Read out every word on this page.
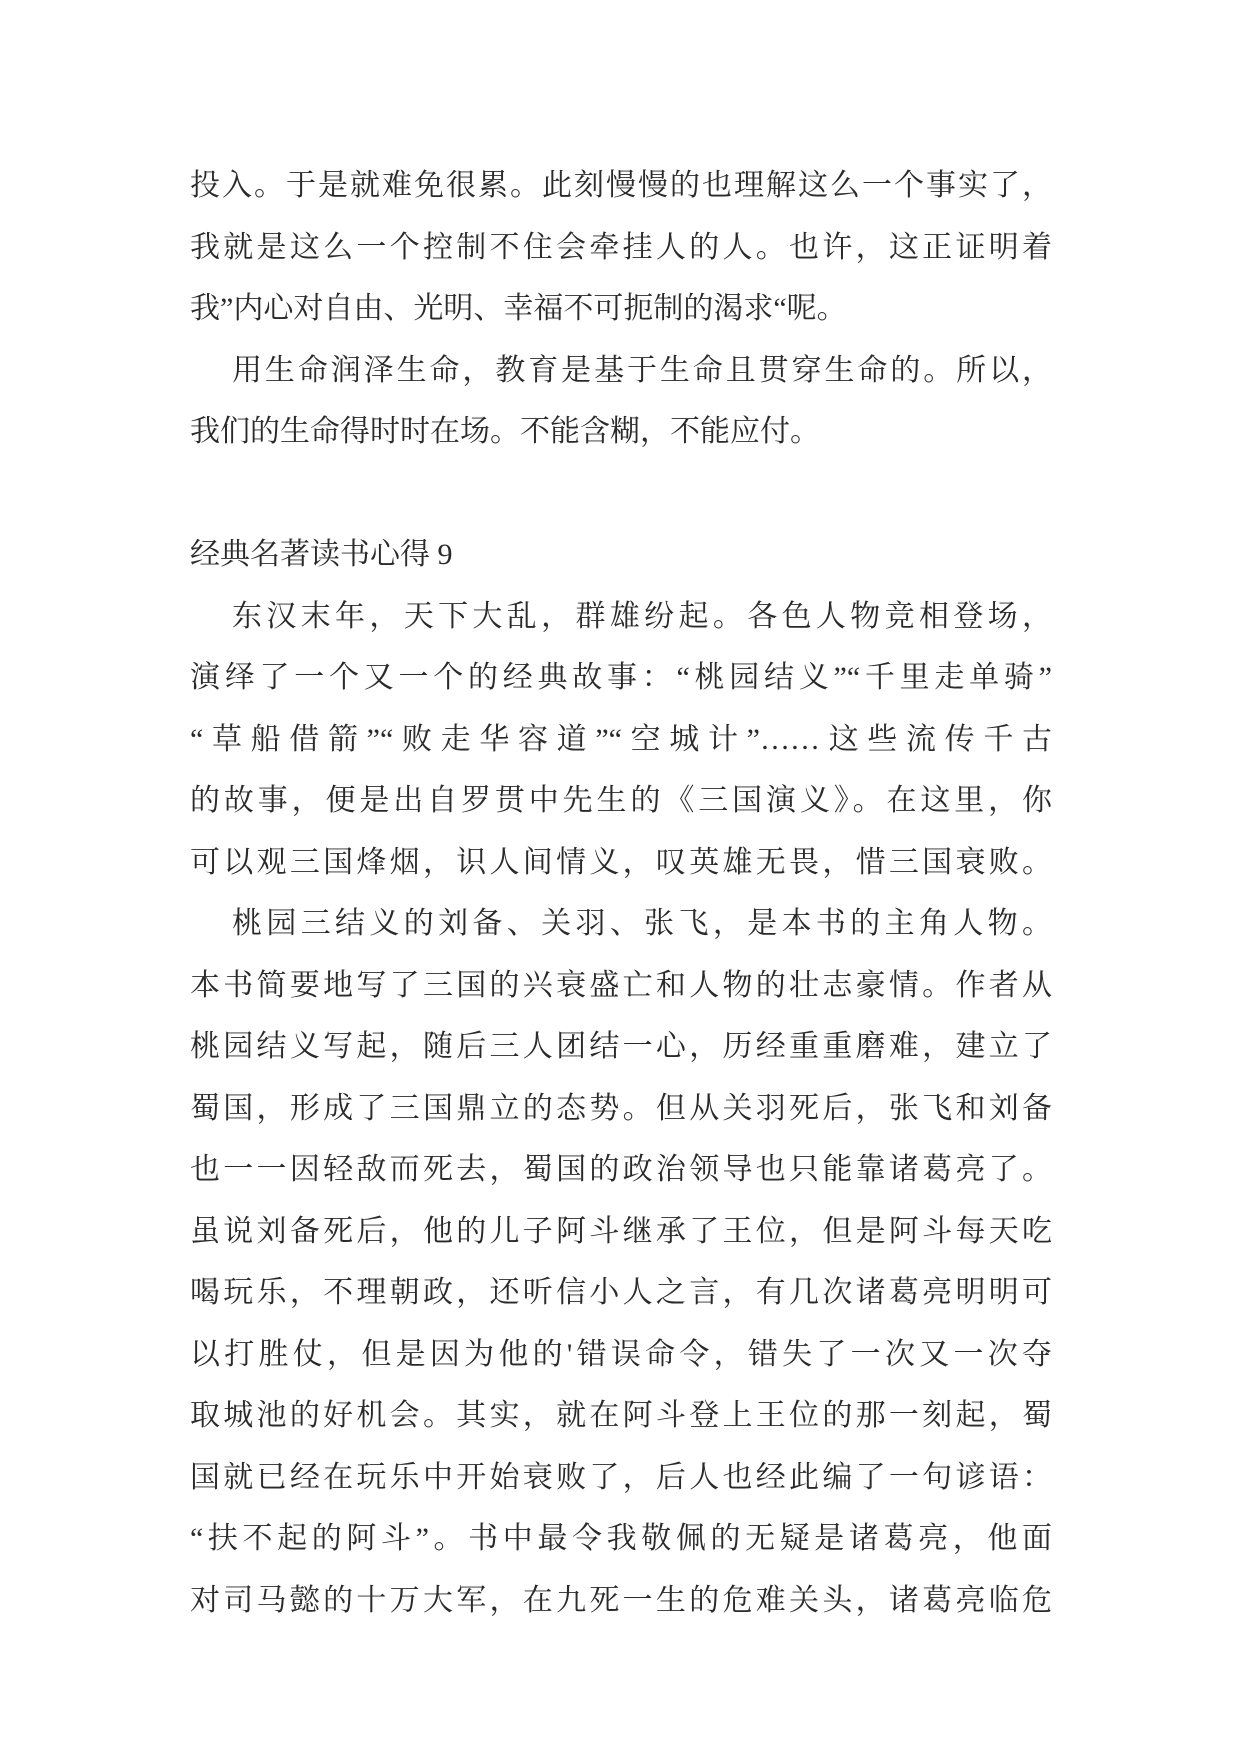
投入。于是就难免很累。此刻慢慢的也理解这么一个事实了，
我就是这么一个控制不住会牵挂人的人。也许，这正证明着
我”内心对自由、光明、幸福不可扼制的渴求“呢。
用生命润泽生命，教育是基于生命且贯穿生命的。所以，
我们的生命得时时在场。不能含糊，不能应付。
经典名著读书心得 9
东汉末年，天下大乱，群雄纷起。各色人物竞相登场，
演绎了一个又一个的经典故事：“桃园结义”“千里走单骑”
“草船借箭”“败走华容道”“空城计”……这些流传千古
的故事，便是出自罗贯中先生的《三国演义》。在这里，你
可以观三国烽烟，识人间情义，叹英雄无畏，惜三国衰败。
桃园三结义的刘备、关羽、张飞，是本书的主角人物。
本书简要地写了三国的兴衰盛亡和人物的壮志豪情。作者从
桃园结义写起，随后三人团结一心，历经重重磨难，建立了
蜀国，形成了三国鼎立的态势。但从关羽死后，张飞和刘备
也一一因轻敌而死去，蜀国的政治领导也只能靠诸葛亮了。
虽说刘备死后，他的儿子阿斗继承了王位，但是阿斗每天吃
喝玩乐，不理朝政，还听信小人之言，有几次诸葛亮明明可
以打胜仗，但是因为他的'错误命令，错失了一次又一次夺
取城池的好机会。其实，就在阿斗登上王位的那一刻起，蜀
国就已经在玩乐中开始衰败了，后人也经此编了一句谚语：
“扶不起的阿斗”。书中最令我敬佩的无疑是诸葛亮，他面
对司马懿的十万大军，在九死一生的危难关头，诸葛亮临危
